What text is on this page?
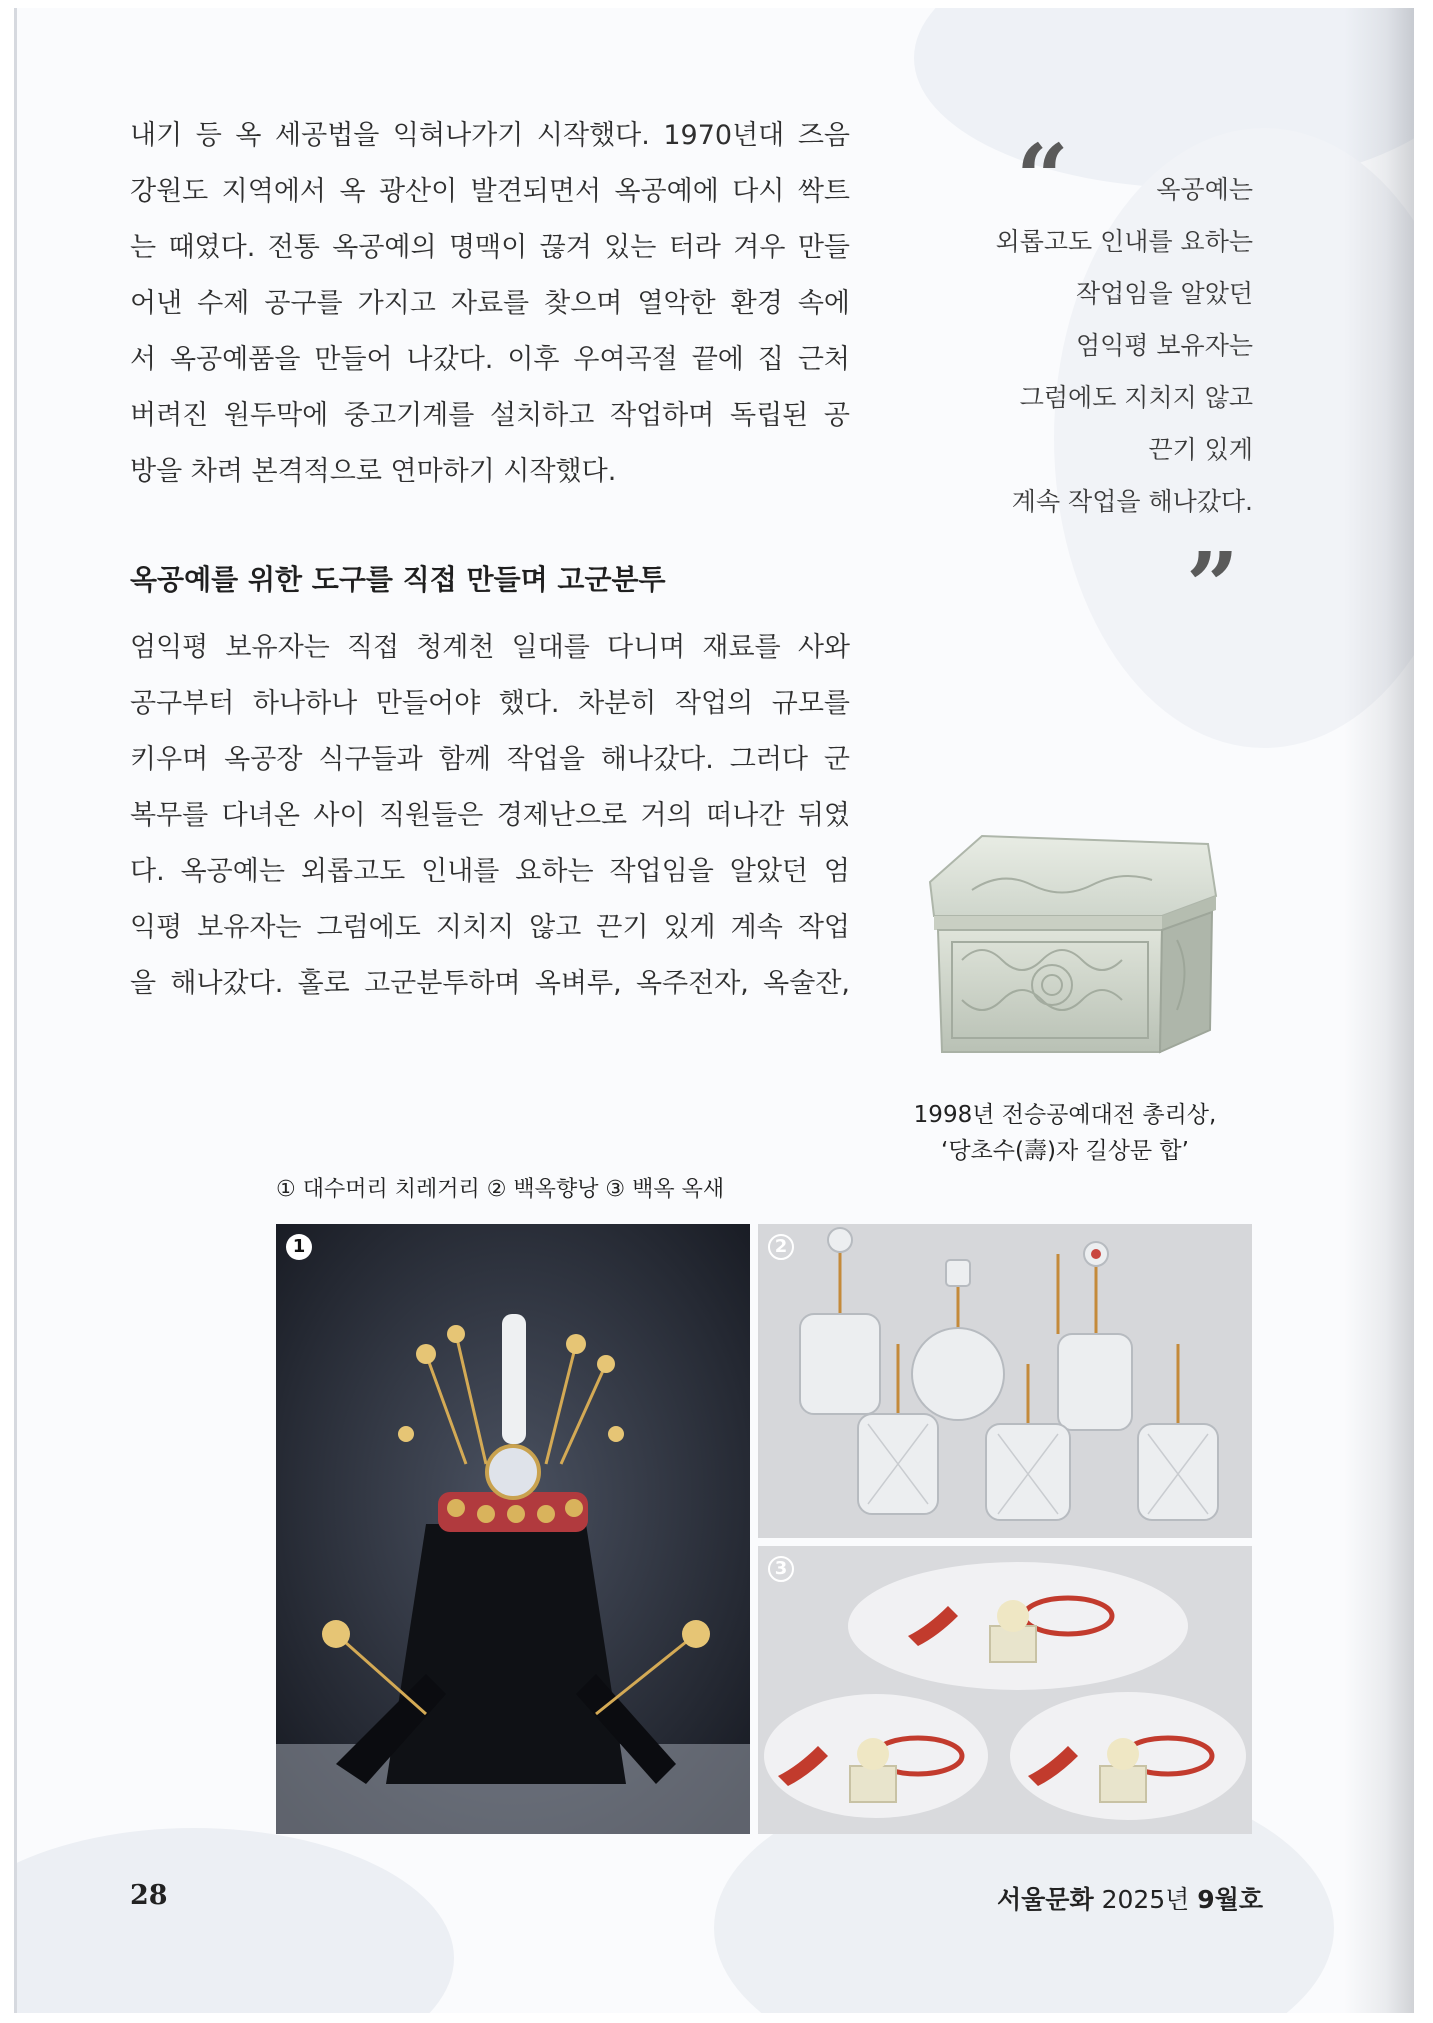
내기 등 옥 세공법을 익혀나가기 시작했다. 1970년대 즈음
강원도 지역에서 옥 광산이 발견되면서 옥공예에 다시 싹트
는 때였다. 전통 옥공예의 명맥이 끊겨 있는 터라 겨우 만들
어낸 수제 공구를 가지고 자료를 찾으며 열악한 환경 속에
서 옥공예품을 만들어 나갔다. 이후 우여곡절 끝에 집 근처
버려진 원두막에 중고기계를 설치하고 작업하며 독립된 공
방을 차려 본격적으로 연마하기 시작했다.
옥공예를 위한 도구를 직접 만들며 고군분투
엄익평 보유자는 직접 청계천 일대를 다니며 재료를 사와
공구부터 하나하나 만들어야 했다. 차분히 작업의 규모를
키우며 옥공장 식구들과 함께 작업을 해나갔다. 그러다 군
복무를 다녀온 사이 직원들은 경제난으로 거의 떠나간 뒤였
다. 옥공예는 외롭고도 인내를 요하는 작업임을 알았던 엄
익평 보유자는 그럼에도 지치지 않고 끈기 있게 계속 작업
을 해나갔다. 홀로 고군분투하며 옥벼루, 옥주전자, 옥술잔,
“	옥공예는
외롭고도 인내를 요하는
작업임을 알았던
엄익평 보유자는
그럼에도 지치지 않고
끈기 있게
계속 작업을 해나갔다.
”
1998년 전승공예대전 총리상,
‘당초수(壽)자 길상문 합’
① 대수머리 치레거리 ② 백옥향낭 ③ 백옥 옥새
1	2
3
28	서울문화 2025년 9월호
